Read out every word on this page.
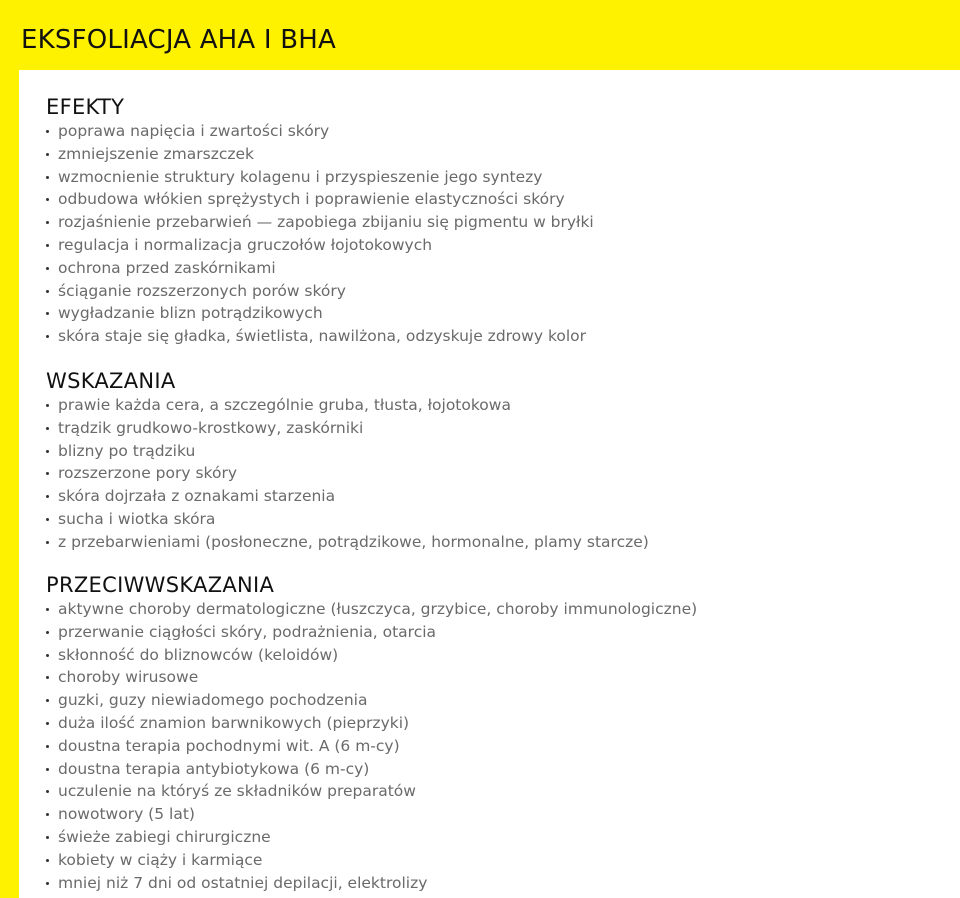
EKSFOLIACJA AHA I BHA
EFEKTY
poprawa napięcia i zwartości skóry
zmniejszenie zmarszczek
wzmocnienie struktury kolagenu i przyspieszenie jego syntezy
odbudowa włókien sprężystych i poprawienie elastyczności skóry
rozjaśnienie przebarwień — zapobiega zbijaniu się pigmentu w bryłki
regulacja i normalizacja gruczołów łojotokowych
ochrona przed zaskórnikami
ściąganie rozszerzonych porów skóry
wygładzanie blizn potrądzikowych
skóra staje się gładka, świetlista, nawilżona, odzyskuje zdrowy kolor
WSKAZANIA
prawie każda cera, a szczególnie gruba, tłusta, łojotokowa
trądzik grudkowo-krostkowy, zaskórniki
blizny po trądziku
rozszerzone pory skóry
skóra dojrzała z oznakami starzenia
sucha i wiotka skóra
z przebarwieniami (posłoneczne, potrądzikowe, hormonalne, plamy starcze)
PRZECIWWSKAZANIA
aktywne choroby dermatologiczne (łuszczyca, grzybice, choroby immunologiczne)
przerwanie ciągłości skóry, podrażnienia, otarcia
skłonność do bliznowców (keloidów)
choroby wirusowe
guzki, guzy niewiadomego pochodzenia
duża ilość znamion barwnikowych (pieprzyki)
doustna terapia pochodnymi wit. A (6 m-cy)
doustna terapia antybiotykowa (6 m-cy)
uczulenie na któryś ze składników preparatów
nowotwory (5 lat)
świeże zabiegi chirurgiczne
kobiety w ciąży i karmiące
mniej niż 7 dni od ostatniej depilacji, elektrolizy
